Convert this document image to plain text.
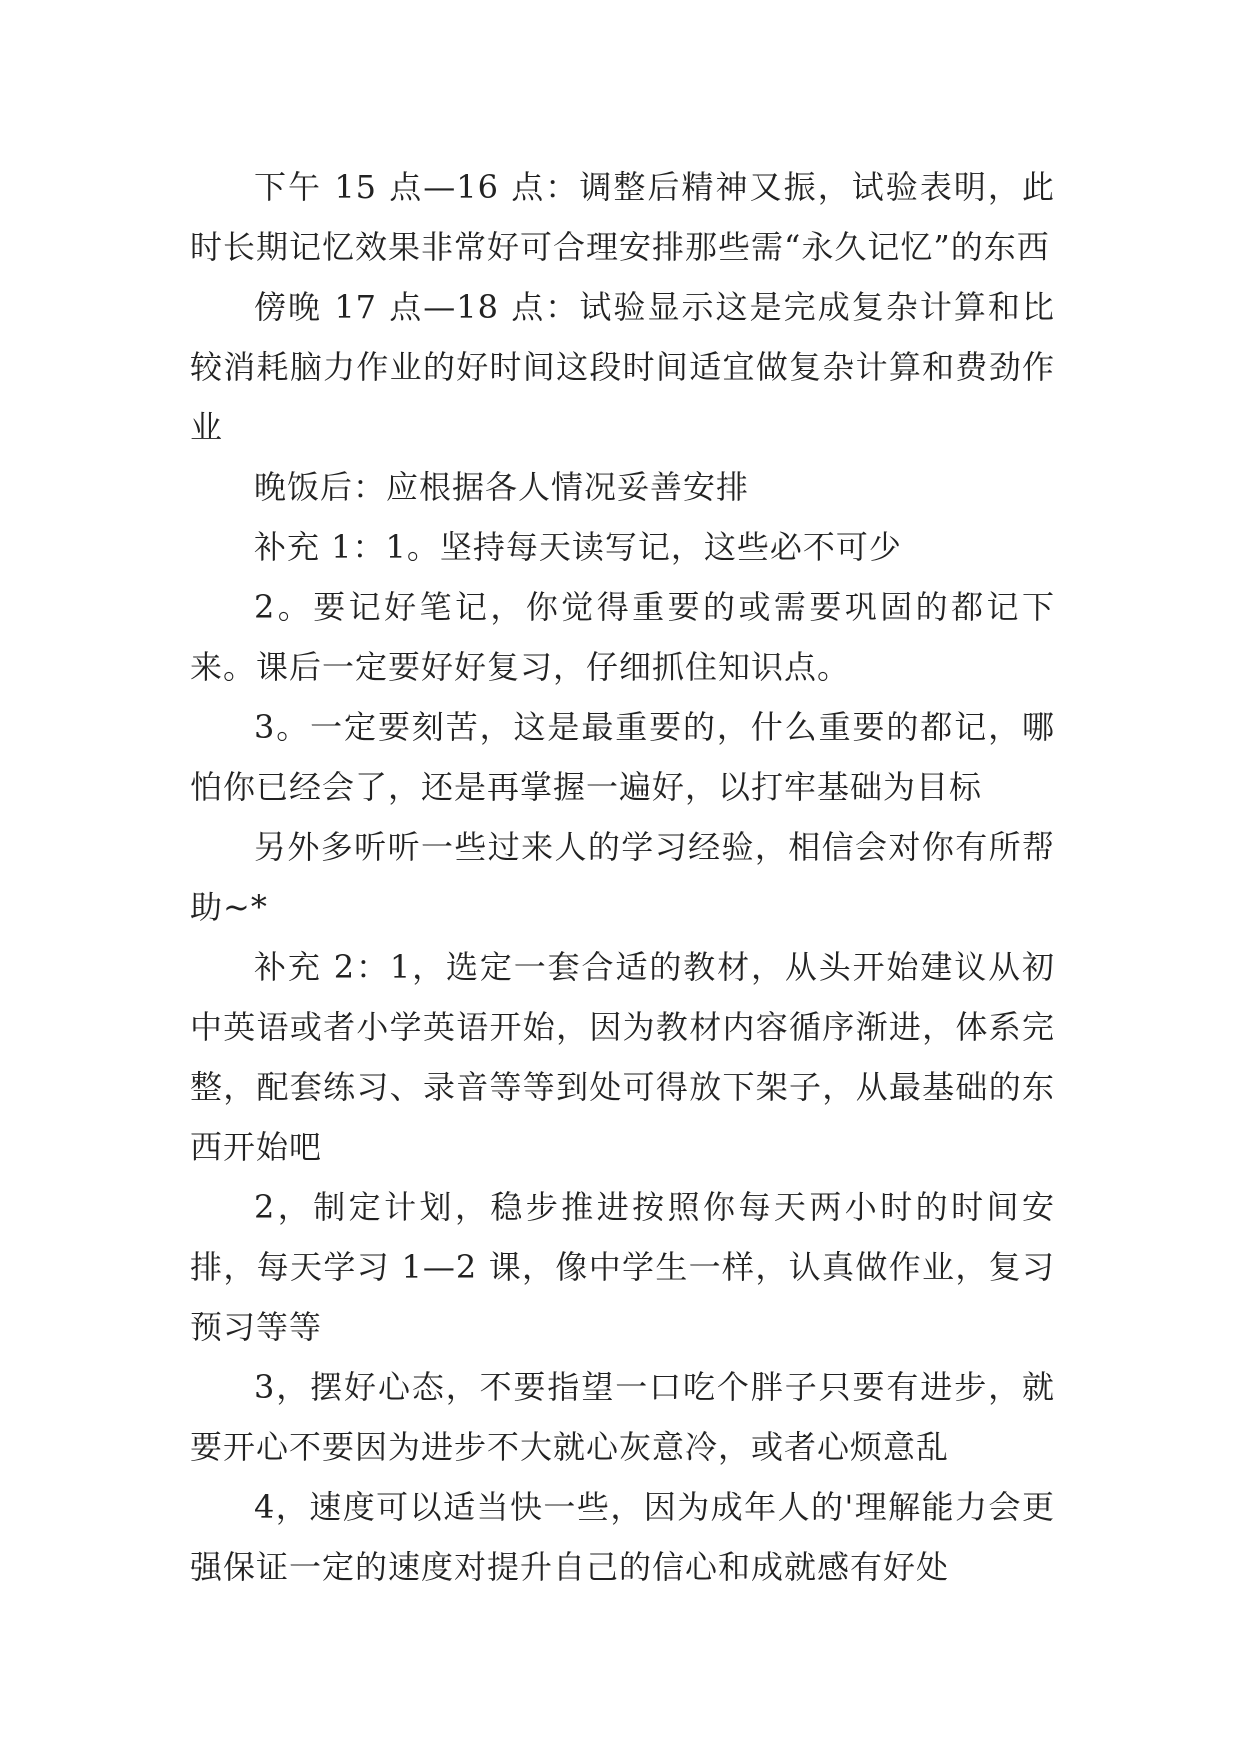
下午 15 点—16 点：调整后精神又振，试验表明，此时长期记忆效果非常好可合理安排那些需“永久记忆”的东西

傍晚 17 点—18 点：试验显示这是完成复杂计算和比较消耗脑力作业的好时间这段时间适宜做复杂计算和费劲作业

晚饭后：应根据各人情况妥善安排

补充 1：1。坚持每天读写记，这些必不可少

2。要记好笔记，你觉得重要的或需要巩固的都记下来。课后一定要好好复习，仔细抓住知识点。

3。一定要刻苦，这是最重要的，什么重要的都记，哪怕你已经会了，还是再掌握一遍好，以打牢基础为目标

另外多听听一些过来人的学习经验，相信会对你有所帮助~*

补充 2：1，选定一套合适的教材，从头开始建议从初中英语或者小学英语开始，因为教材内容循序渐进，体系完整，配套练习、录音等等到处可得放下架子，从最基础的东西开始吧

2，制定计划，稳步推进按照你每天两小时的时间安排，每天学习 1—2 课，像中学生一样，认真做作业，复习预习等等

3，摆好心态，不要指望一口吃个胖子只要有进步，就要开心不要因为进步不大就心灰意冷，或者心烦意乱

4，速度可以适当快一些，因为成年人的'理解能力会更强保证一定的速度对提升自己的信心和成就感有好处
